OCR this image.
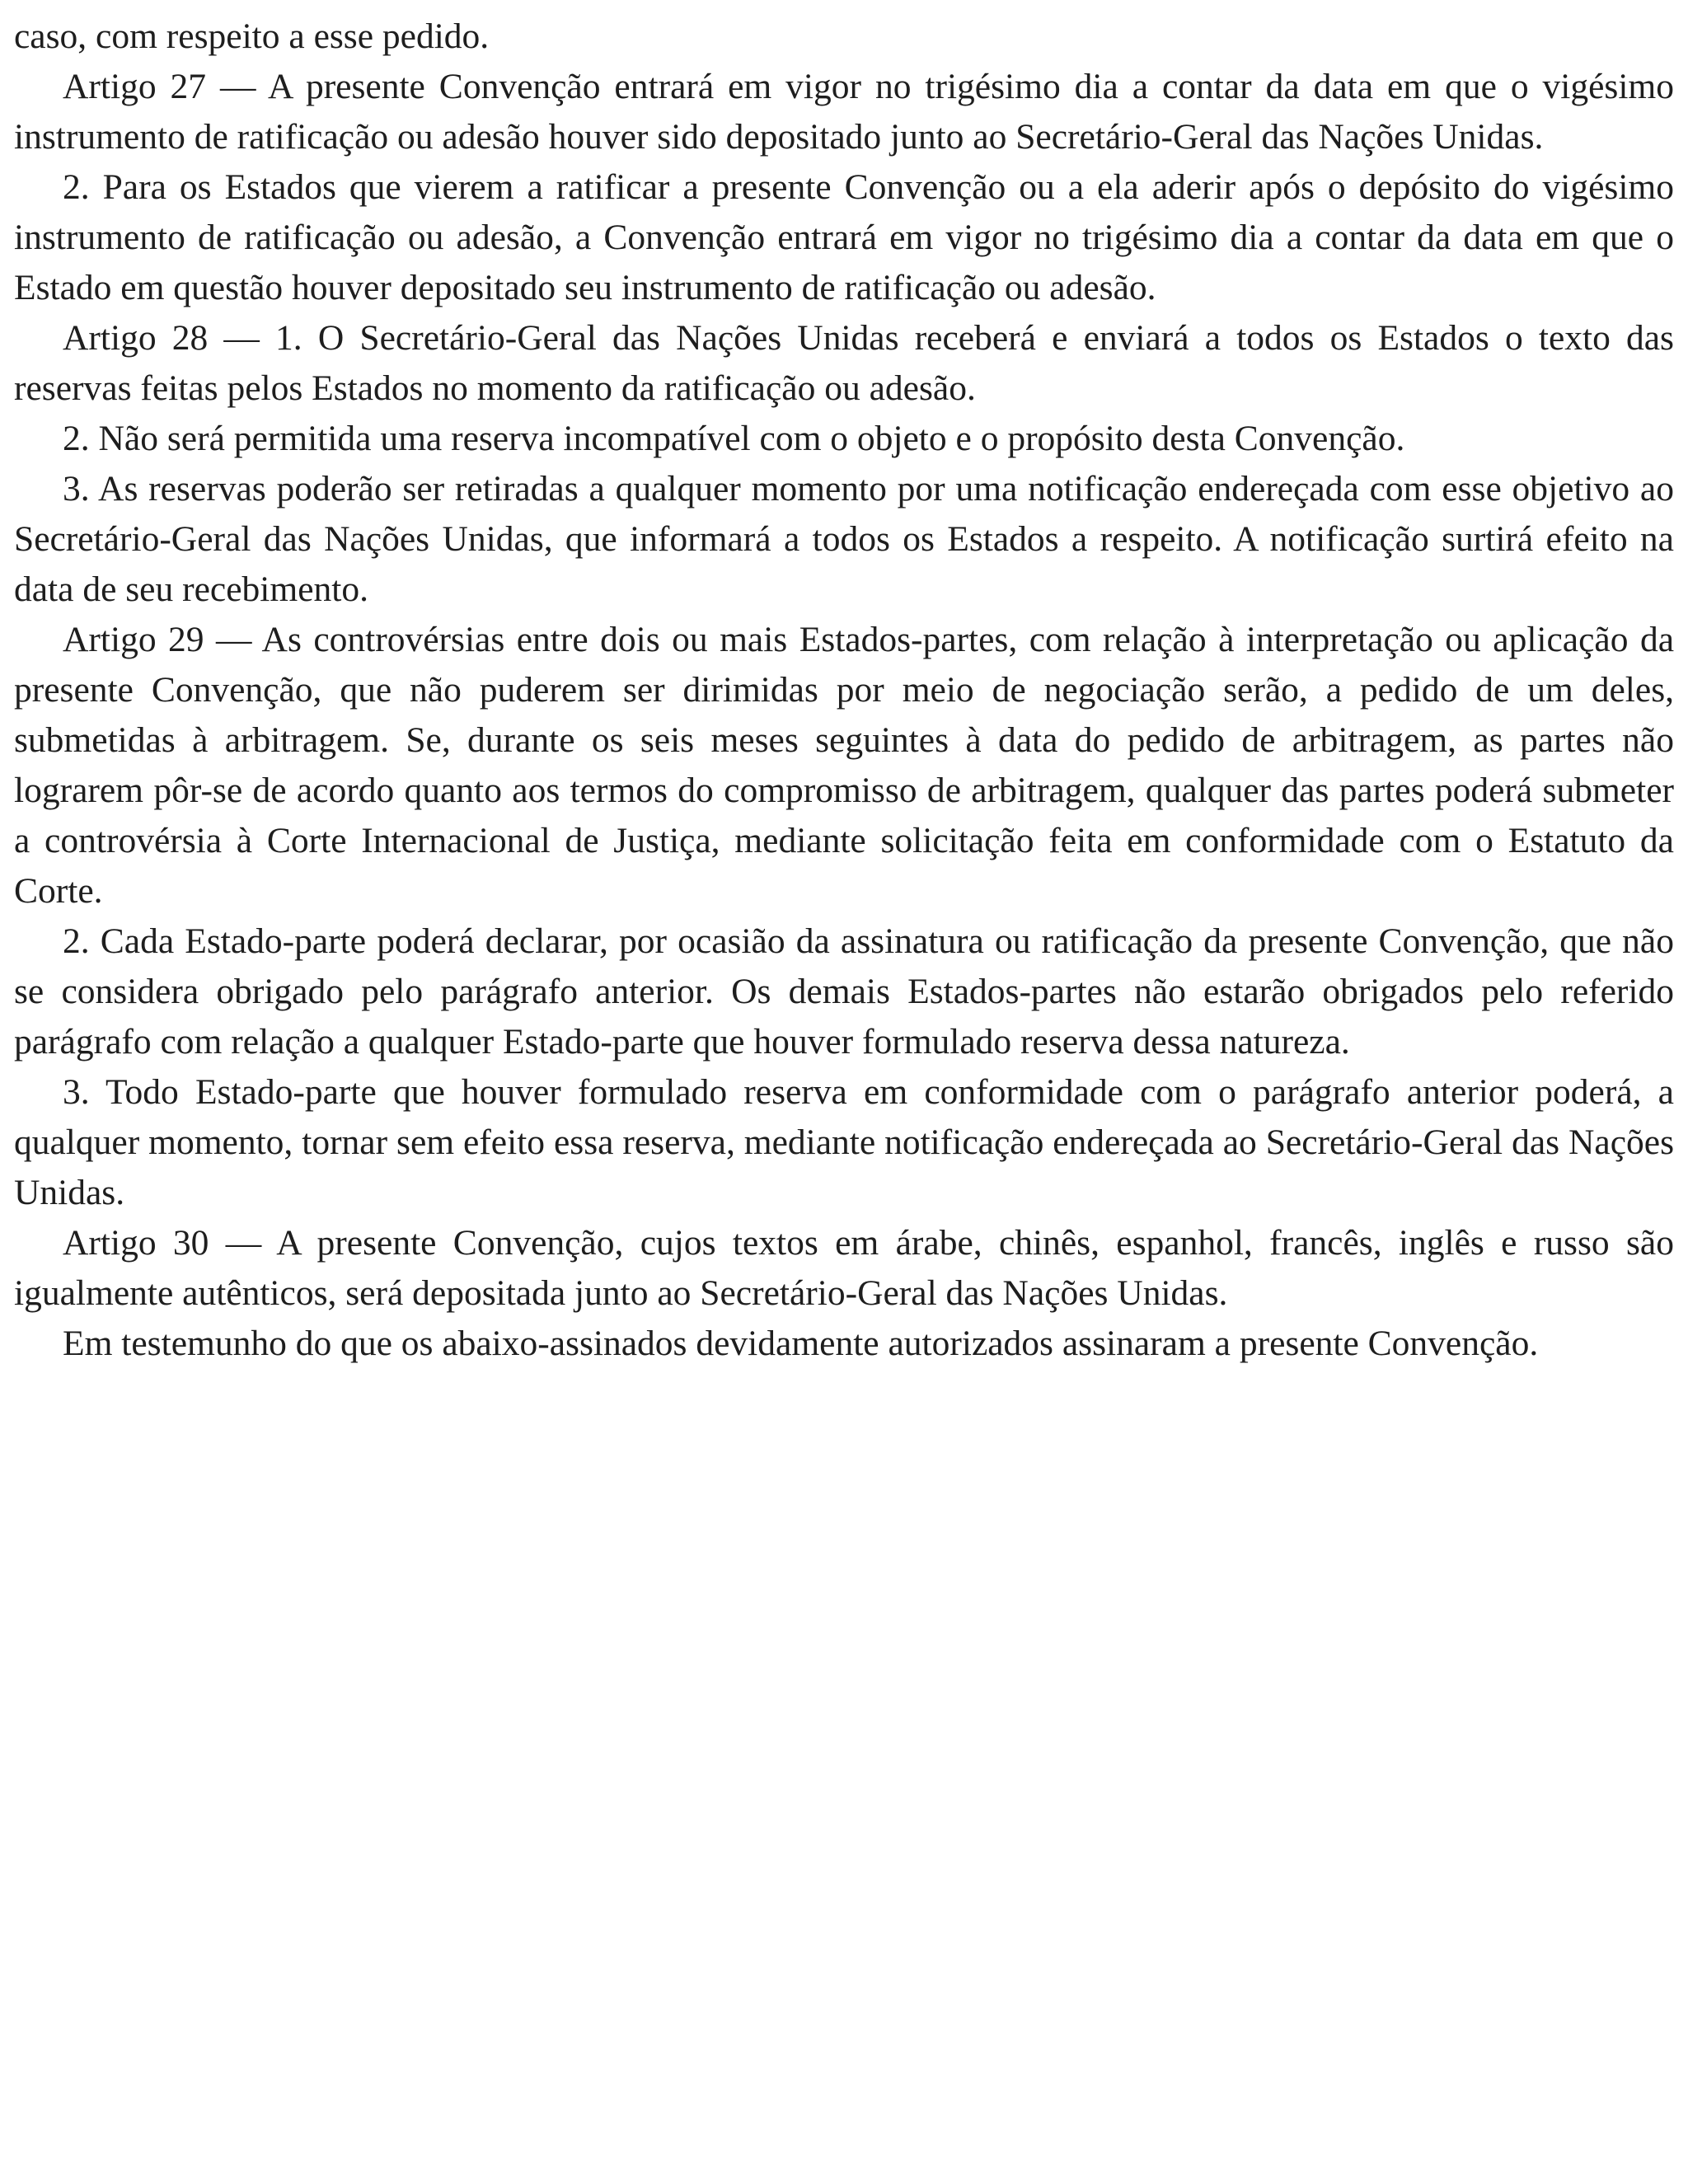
caso, com respeito a esse pedido.

Artigo 27 — A presente Convenção entrará em vigor no trigésimo dia a contar da data em que o vigésimo instrumento de ratificação ou adesão houver sido depositado junto ao Secretário-Geral das Nações Unidas.

2. Para os Estados que vierem a ratificar a presente Convenção ou a ela aderir após o depósito do vigésimo instrumento de ratificação ou adesão, a Convenção entrará em vigor no trigésimo dia a contar da data em que o Estado em questão houver depositado seu instrumento de ratificação ou adesão.

Artigo 28 — 1. O Secretário-Geral das Nações Unidas receberá e enviará a todos os Estados o texto das reservas feitas pelos Estados no momento da ratificação ou adesão.

2. Não será permitida uma reserva incompatível com o objeto e o propósito desta Convenção.

3. As reservas poderão ser retiradas a qualquer momento por uma notificação endereçada com esse objetivo ao Secretário-Geral das Nações Unidas, que informará a todos os Estados a respeito. A notificação surtirá efeito na data de seu recebimento.

Artigo 29 — As controvérsias entre dois ou mais Estados-partes, com relação à interpretação ou aplicação da presente Convenção, que não puderem ser dirimidas por meio de negociação serão, a pedido de um deles, submetidas à arbitragem. Se, durante os seis meses seguintes à data do pedido de arbitragem, as partes não lograrem pôr-se de acordo quanto aos termos do compromisso de arbitragem, qualquer das partes poderá submeter a controvérsia à Corte Internacional de Justiça, mediante solicitação feita em conformidade com o Estatuto da Corte.

2. Cada Estado-parte poderá declarar, por ocasião da assinatura ou ratificação da presente Convenção, que não se considera obrigado pelo parágrafo anterior. Os demais Estados-partes não estarão obrigados pelo referido parágrafo com relação a qualquer Estado-parte que houver formulado reserva dessa natureza.

3. Todo Estado-parte que houver formulado reserva em conformidade com o parágrafo anterior poderá, a qualquer momento, tornar sem efeito essa reserva, mediante notificação endereçada ao Secretário-Geral das Nações Unidas.

Artigo 30 — A presente Convenção, cujos textos em árabe, chinês, espanhol, francês, inglês e russo são igualmente autênticos, será depositada junto ao Secretário-Geral das Nações Unidas.

Em testemunho do que os abaixo-assinados devidamente autorizados assinaram a presente Convenção.
